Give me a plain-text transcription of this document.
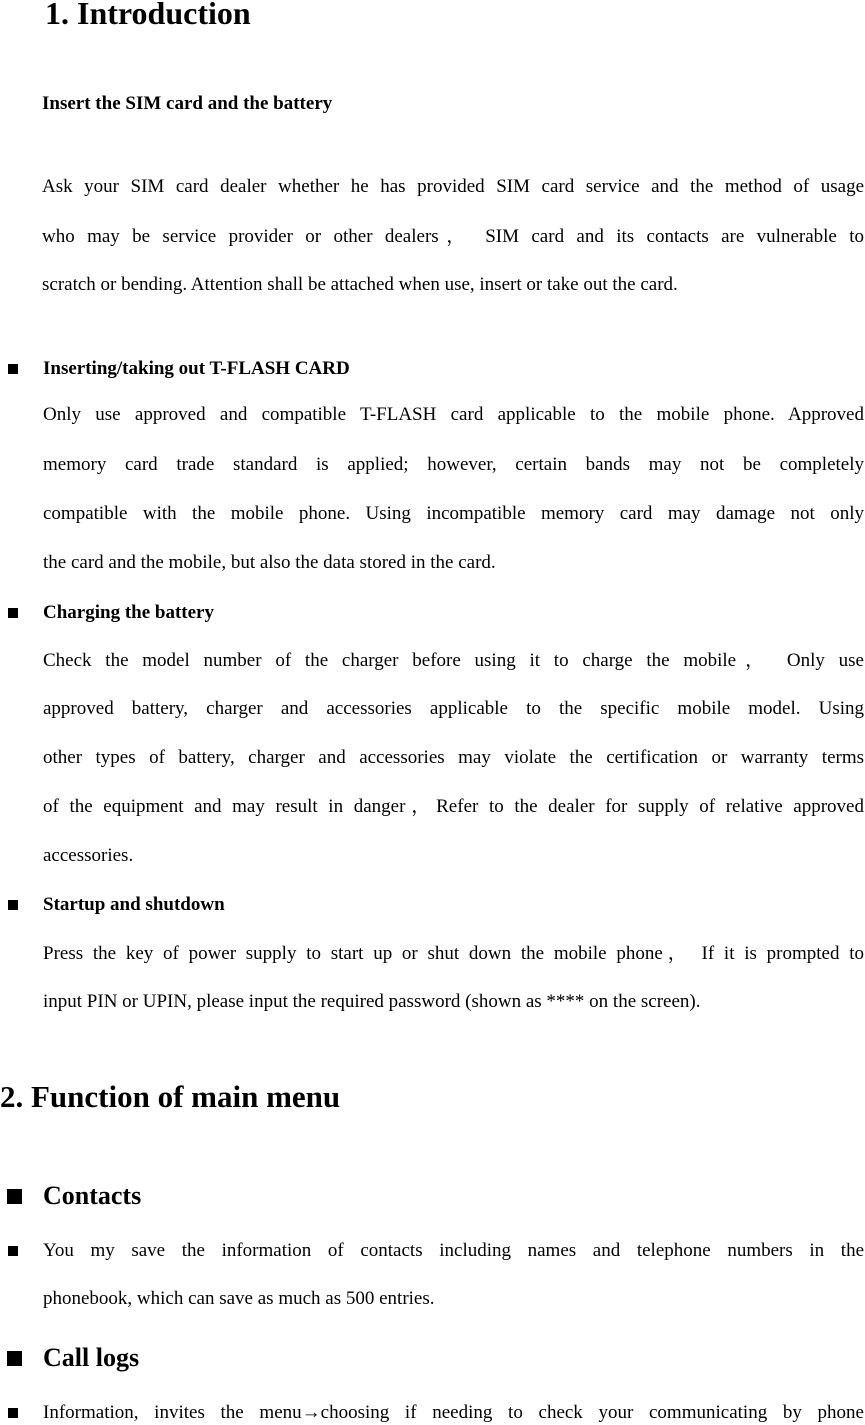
1. Introduction
Insert the SIM card and the battery
Ask your SIM card dealer whether he has provided SIM card service and the method of usage
who may be service provider or other dealers， SIM card and its contacts are vulnerable to
scratch or bending. Attention shall be attached when use, insert or take out the card.
Inserting/taking out T-FLASH CARD
Only use approved and compatible T-FLASH card applicable to the mobile phone. Approved
memory card trade standard is applied; however, certain bands may not be completely
compatible with the mobile phone. Using incompatible memory card may damage not only
the card and the mobile, but also the data stored in the card.
Charging the battery
Check the model number of the charger before using it to charge the mobile， Only use
approved battery, charger and accessories applicable to the specific mobile model. Using
other types of battery, charger and accessories may violate the certification or warranty terms
of the equipment and may result in danger，Refer to the dealer for supply of relative approved
accessories.
Startup and shutdown
Press the key of power supply to start up or shut down the mobile phone， If it is prompted to
input PIN or UPIN, please input the required password (shown as **** on the screen).
2. Function of main menu
Contacts
You my save the information of contacts including names and telephone numbers in the
phonebook, which can save as much as 500 entries.
Call logs
Information, invites the menu→choosing if needing to check your communicating by phone
